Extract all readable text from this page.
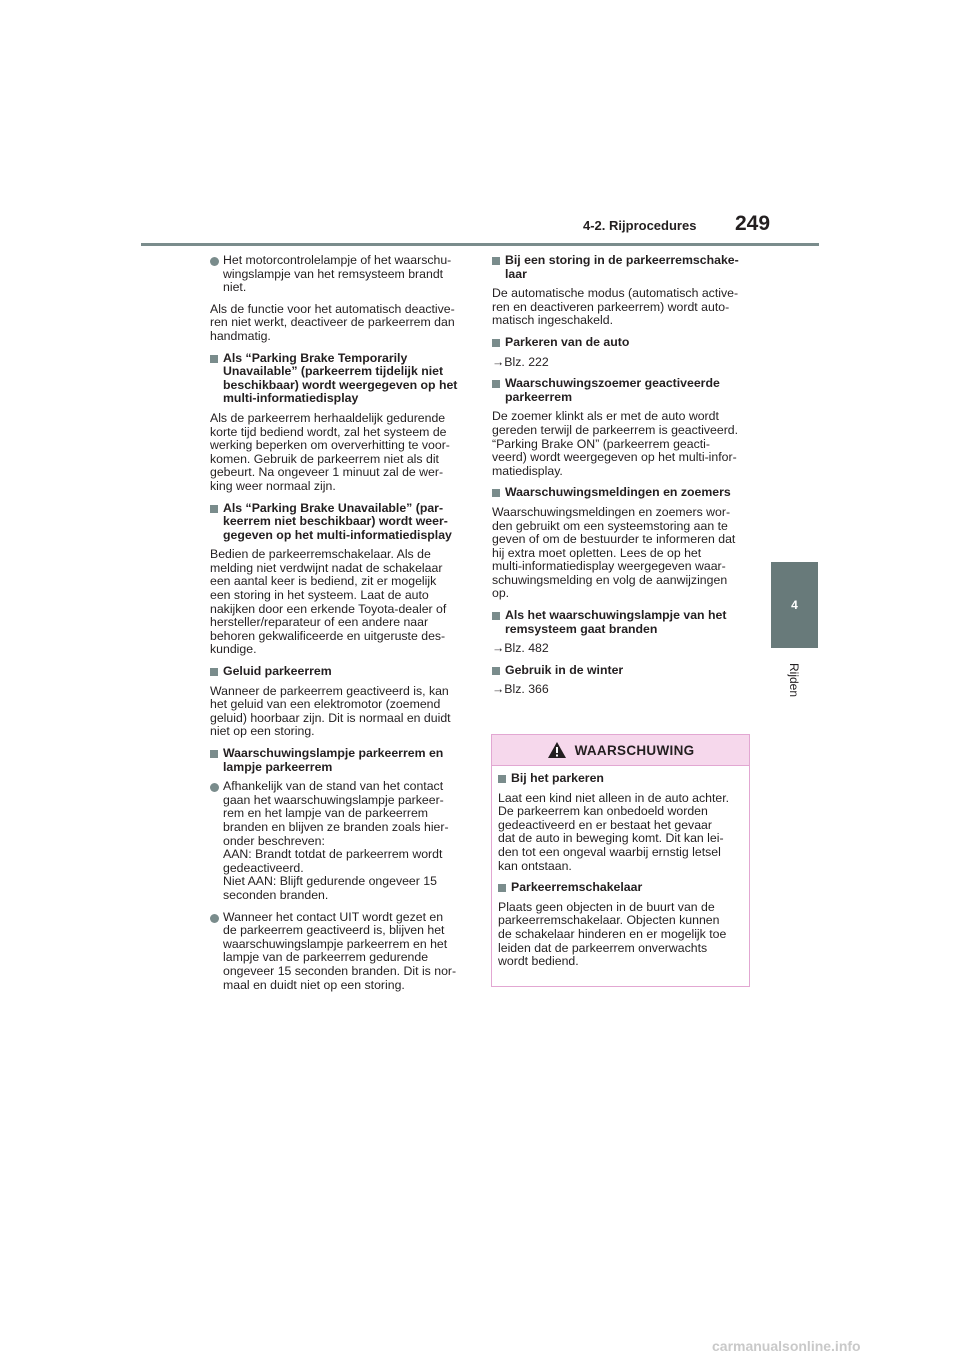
4-2. Rijprocedures 249
4
Rijden
Het motorcontrolelampje of het waarschu-
wingslampje van het remsysteem brandt
niet.

Als de functie voor het automatisch deactive-
ren niet werkt, deactiveer de parkeerrem dan
handmatig.

Als “Parking Brake Temporarily
Unavailable” (parkeerrem tijdelijk niet
beschikbaar) wordt weergegeven op het
multi-informatiedisplay

Als de parkeerrem herhaaldelijk gedurende
korte tijd bediend wordt, zal het systeem de
werking beperken om oververhitting te voor-
komen. Gebruik de parkeerrem niet als dit
gebeurt. Na ongeveer 1 minuut zal de wer-
king weer normaal zijn.

Als “Parking Brake Unavailable” (par-
keerrem niet beschikbaar) wordt weer-
gegeven op het multi-informatiedisplay

Bedien de parkeerremschakelaar. Als de
melding niet verdwijnt nadat de schakelaar
een aantal keer is bediend, zit er mogelijk
een storing in het systeem. Laat de auto
nakijken door een erkende Toyota-dealer of
hersteller/reparateur of een andere naar
behoren gekwalificeerde en uitgeruste des-
kundige.

Geluid parkeerrem

Wanneer de parkeerrem geactiveerd is, kan
het geluid van een elektromotor (zoemend
geluid) hoorbaar zijn. Dit is normaal en duidt
niet op een storing.

Waarschuwingslampje parkeerrem en
lampje parkeerrem
Afhankelijk van de stand van het contact
gaan het waarschuwingslampje parkeer-
rem en het lampje van de parkeerrem
branden en blijven ze branden zoals hier-
onder beschreven:
AAN: Brandt totdat de parkeerrem wordt
gedeactiveerd.
Niet AAN: Blijft gedurende ongeveer 15
seconden branden.
Wanneer het contact UIT wordt gezet en
de parkeerrem geactiveerd is, blijven het
waarschuwingslampje parkeerrem en het
lampje van de parkeerrem gedurende
ongeveer 15 seconden branden. Dit is nor-
maal en duidt niet op een storing.
Bij een storing in de parkeerremschake-
laar

De automatische modus (automatisch active-
ren en deactiveren parkeerrem) wordt auto-
matisch ingeschakeld.

Parkeren van de auto

→Blz. 222

Waarschuwingszoemer geactiveerde
parkeerrem

De zoemer klinkt als er met de auto wordt
gereden terwijl de parkeerrem is geactiveerd.
“Parking Brake ON” (parkeerrem geacti-
veerd) wordt weergegeven op het multi-infor-
matiedisplay.

Waarschuwingsmeldingen en zoemers

Waarschuwingsmeldingen en zoemers wor-
den gebruikt om een systeemstoring aan te
geven of om de bestuurder te informeren dat
hij extra moet opletten. Lees de op het
multi-informatiedisplay weergegeven waar-
schuwingsmelding en volg de aanwijzingen
op.

Als het waarschuwingslampje van het
remsysteem gaat branden

→Blz. 482

Gebruik in de winter

→Blz. 366

WAARSCHUWING
Bij het parkeren

Laat een kind niet alleen in de auto achter.
De parkeerrem kan onbedoeld worden
gedeactiveerd en er bestaat het gevaar
dat de auto in beweging komt. Dit kan lei-
den tot een ongeval waarbij ernstig letsel
kan ontstaan.

Parkeerremschakelaar

Plaats geen objecten in de buurt van de
parkeerremschakelaar. Objecten kunnen
de schakelaar hinderen en er mogelijk toe
leiden dat de parkeerrem onverwachts
wordt bediend.

carmanualsonline.info
